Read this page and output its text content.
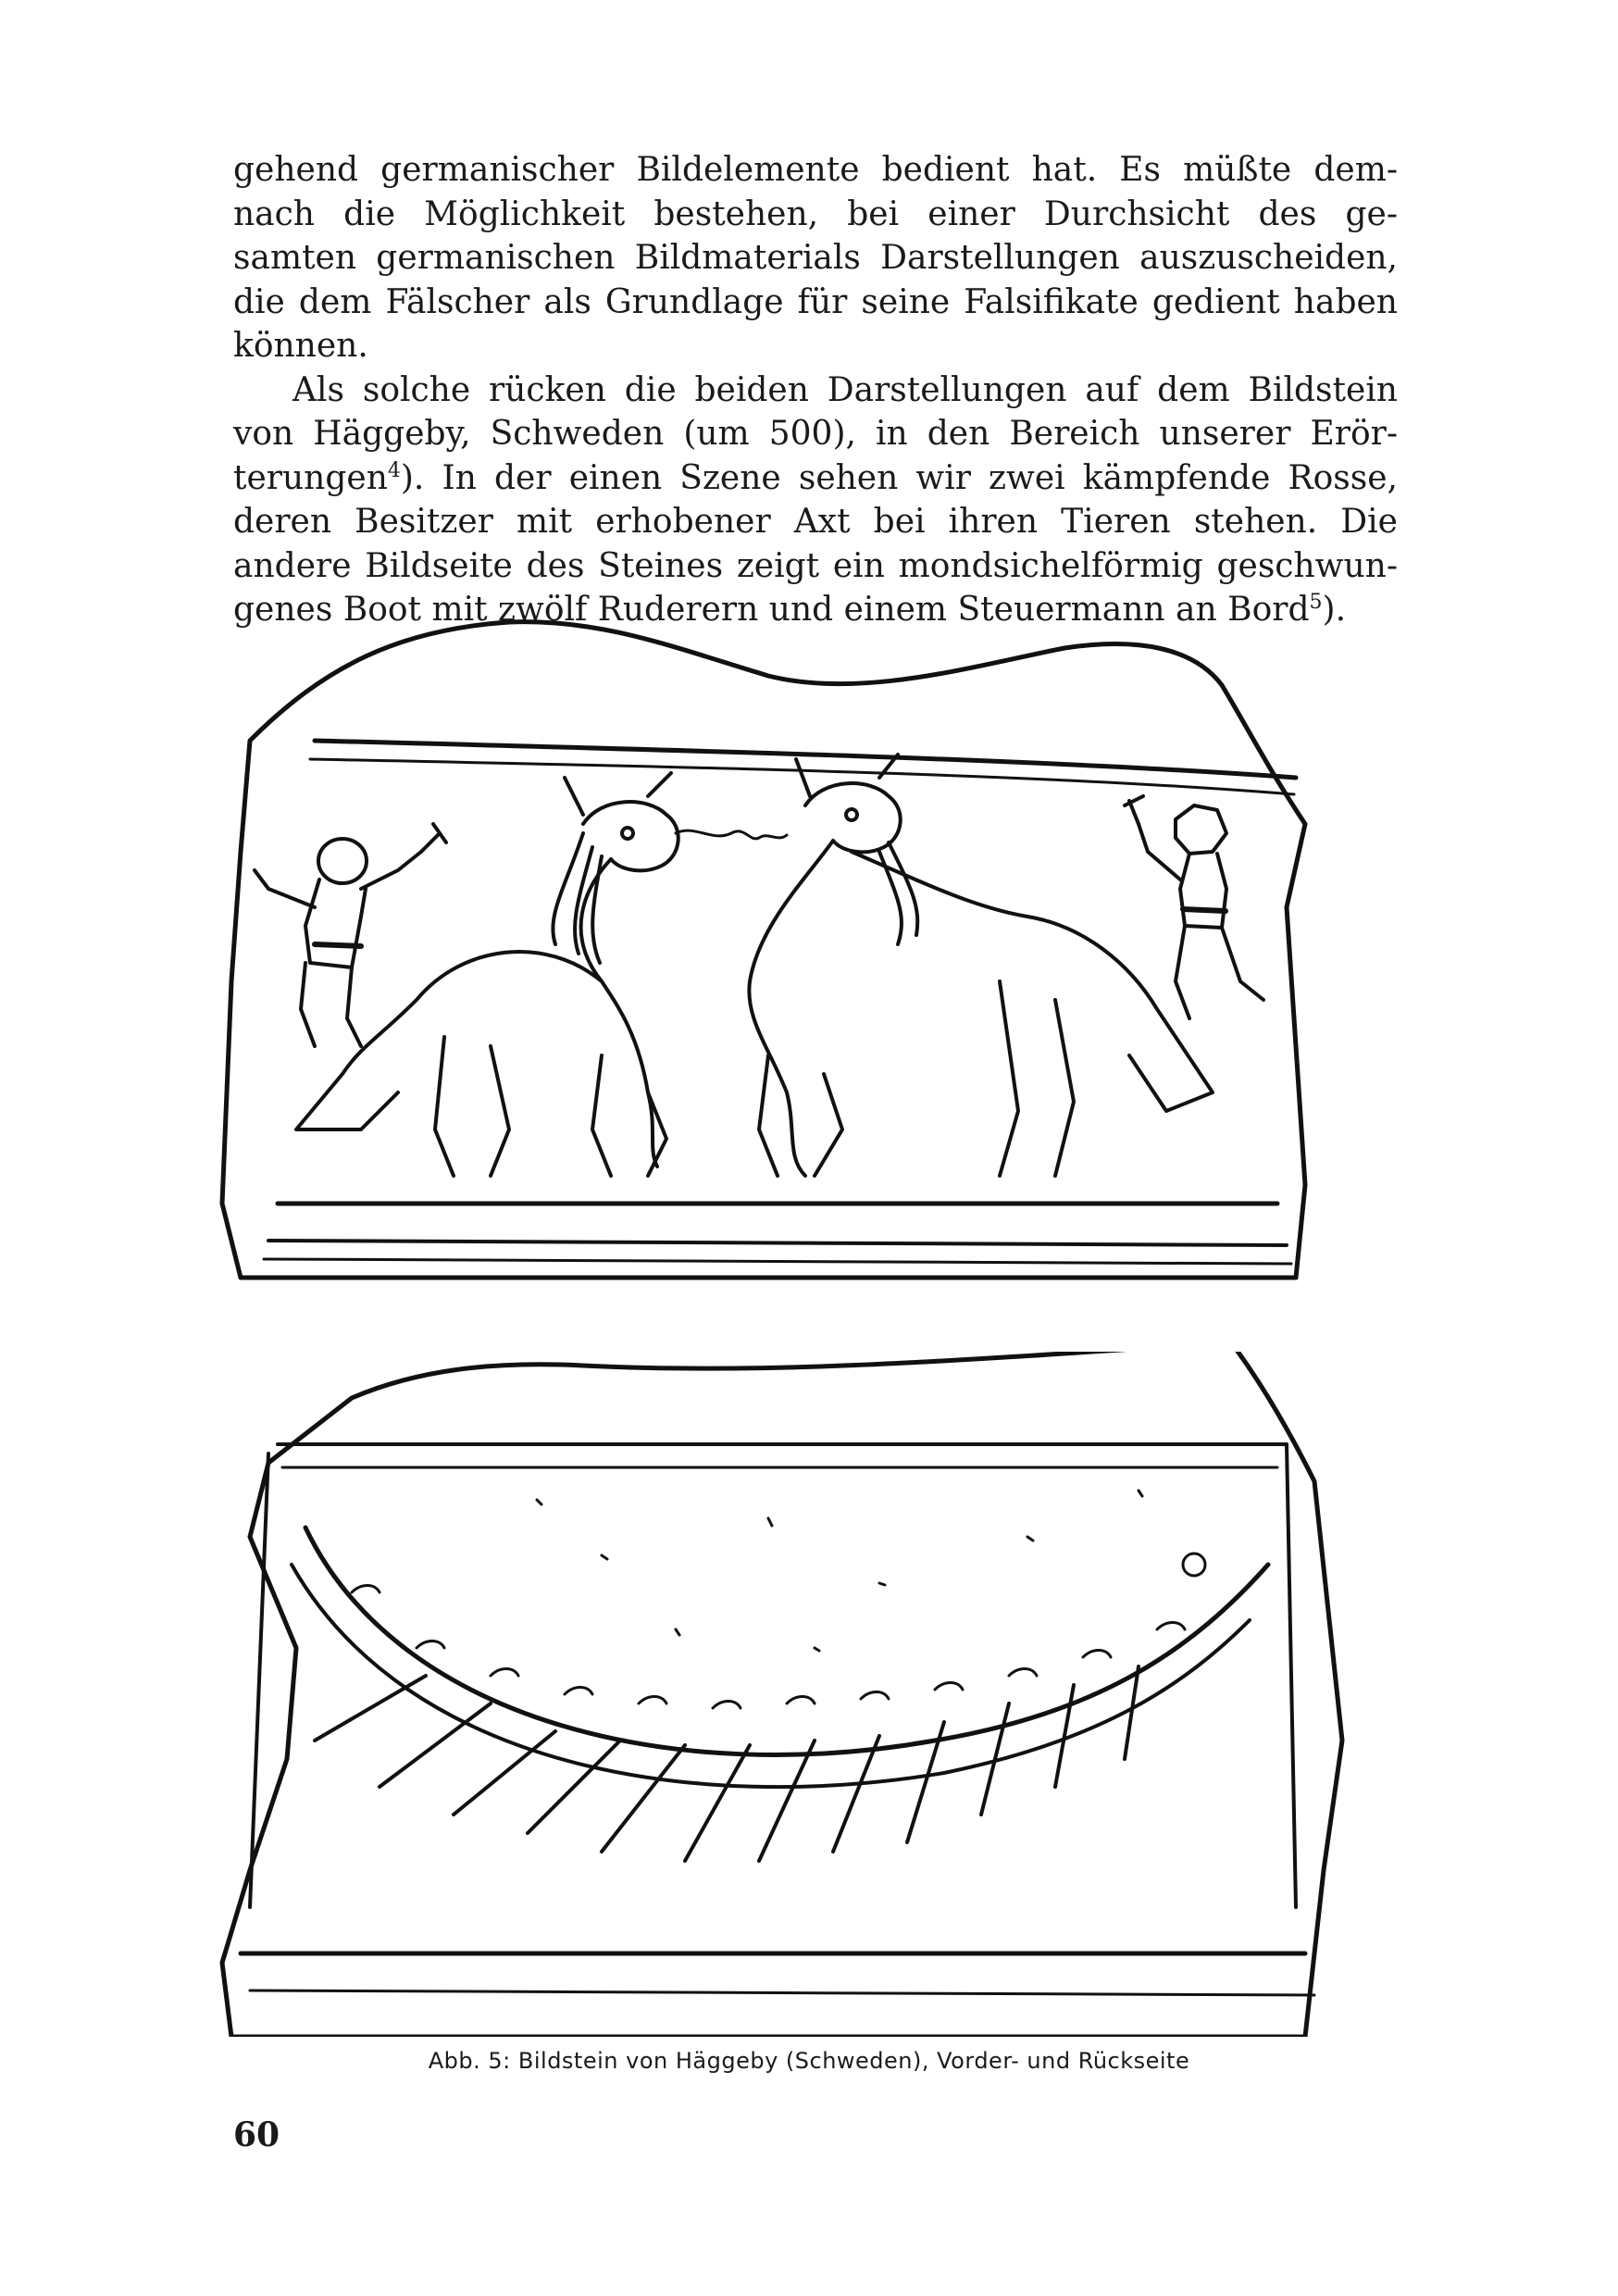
gehend germanischer Bildelemente bedient hat. Es müßte dem-

nach die Möglichkeit bestehen, bei einer Durchsicht des ge-

samten germanischen Bildmaterials Darstellungen auszuscheiden,

die dem Fälscher als Grundlage für seine Falsifikate gedient haben

können.

Als solche rücken die beiden Darstellungen auf dem Bildstein

von Häggeby, Schweden (um 500), in den Bereich unserer Erör-

terungen$^4$). In der einen Szene sehen wir zwei kämpfende Rosse,

deren Besitzer mit erhobener Axt bei ihren Tieren stehen. Die

andere Bildseite des Steines zeigt ein mondsichelförmig geschwun-

genes Boot mit zwölf Ruderern und einem Steuermann an Bord$^5$).

Abb. 5: Bildstein von Häggeby (Schweden), Vorder- und Rückseite
60
